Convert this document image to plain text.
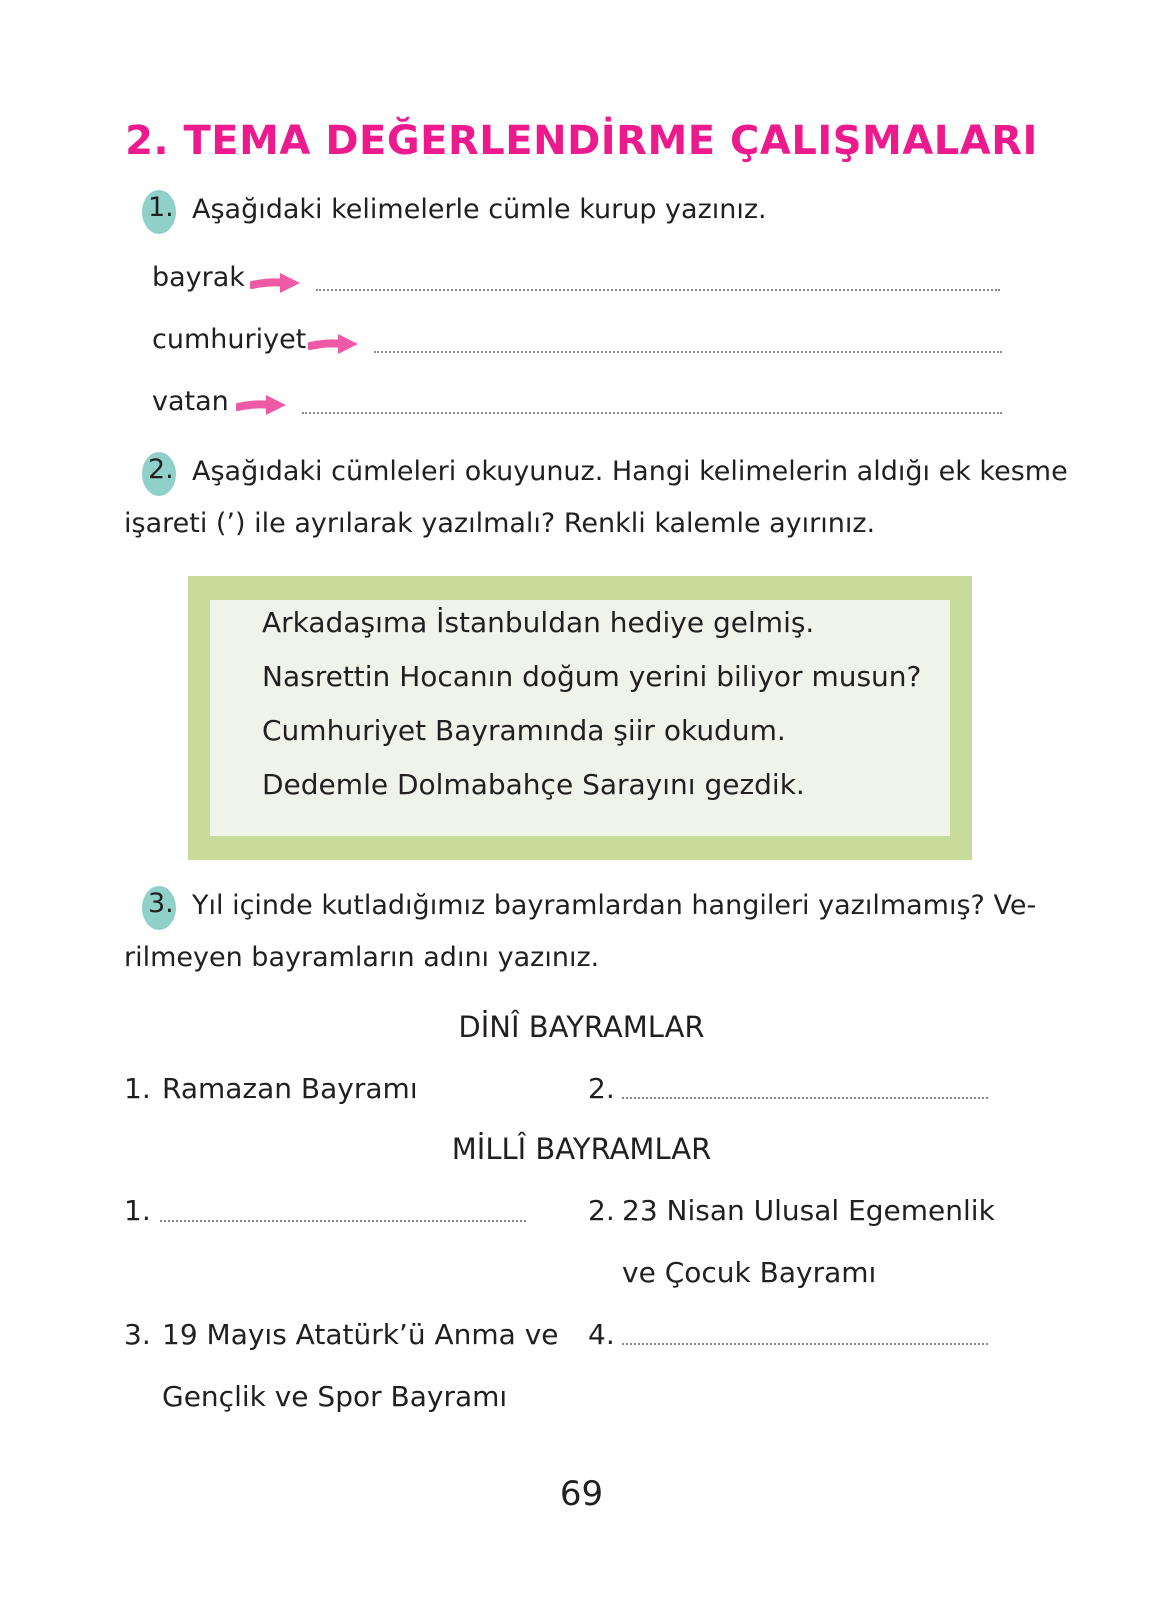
2. TEMA DEĞERLENDİRME ÇALIŞMALARI
1. Aşağıdaki kelimelerle cümle kurup yazınız.
bayrak
cumhuriyet
vatan
2. Aşağıdaki cümleleri okuyunuz. Hangi kelimelerin aldığı ek kesme
işareti (’) ile ayrılarak yazılmalı? Renkli kalemle ayırınız.
Arkadaşıma İstanbuldan hediye gelmiş.
Nasrettin Hocanın doğum yerini biliyor musun?
Cumhuriyet Bayramında şiir okudum.
Dedemle Dolmabahçe Sarayını gezdik.
3. Yıl içinde kutladığımız bayramlardan hangileri yazılmamış? Ve-
rilmeyen bayramların adını yazınız.
DİNÎ BAYRAMLAR
1. Ramazan Bayramı	2.
MİLLÎ BAYRAMLAR
1.	2. 23 Nisan Ulusal Egemenlik
ve Çocuk Bayramı
3. 19 Mayıs Atatürk’ü Anma ve
Gençlik ve Spor Bayramı
4.
69
